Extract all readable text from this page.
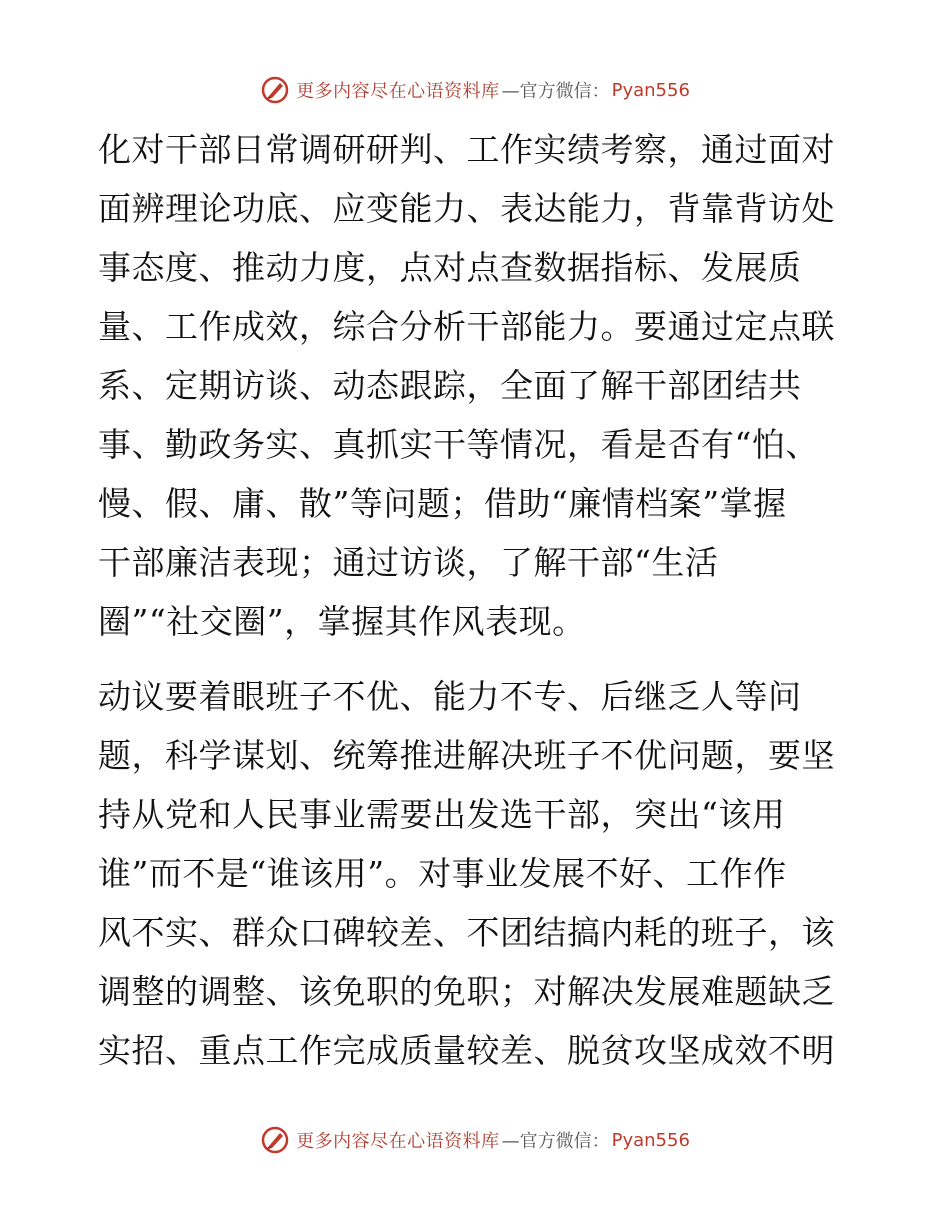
更多内容尽在心语资料库 —官方微信： Pyan556

化对干部日常调研研判、工作实绩考察，通过面对
面辨理论功底、应变能力、表达能力，背靠背访处
事态度、推动力度，点对点查数据指标、发展质
量、工作成效，综合分析干部能力。要通过定点联
系、定期访谈、动态跟踪，全面了解干部团结共
事、勤政务实、真抓实干等情况，看是否有“怕、
慢、假、庸、散”等问题；借助“廉情档案”掌握
干部廉洁表现；通过访谈，了解干部“生活
圈”“社交圈”，掌握其作风表现。

动议要着眼班子不优、能力不专、后继乏人等问
题，科学谋划、统筹推进解决班子不优问题，要坚
持从党和人民事业需要出发选干部，突出“该用
谁”而不是“谁该用”。对事业发展不好、工作作
风不实、群众口碑较差、不团结搞内耗的班子，该
调整的调整、该免职的免职；对解决发展难题缺乏
实招、重点工作完成质量较差、脱贫攻坚成效不明

更多内容尽在心语资料库 —官方微信： Pyan556
